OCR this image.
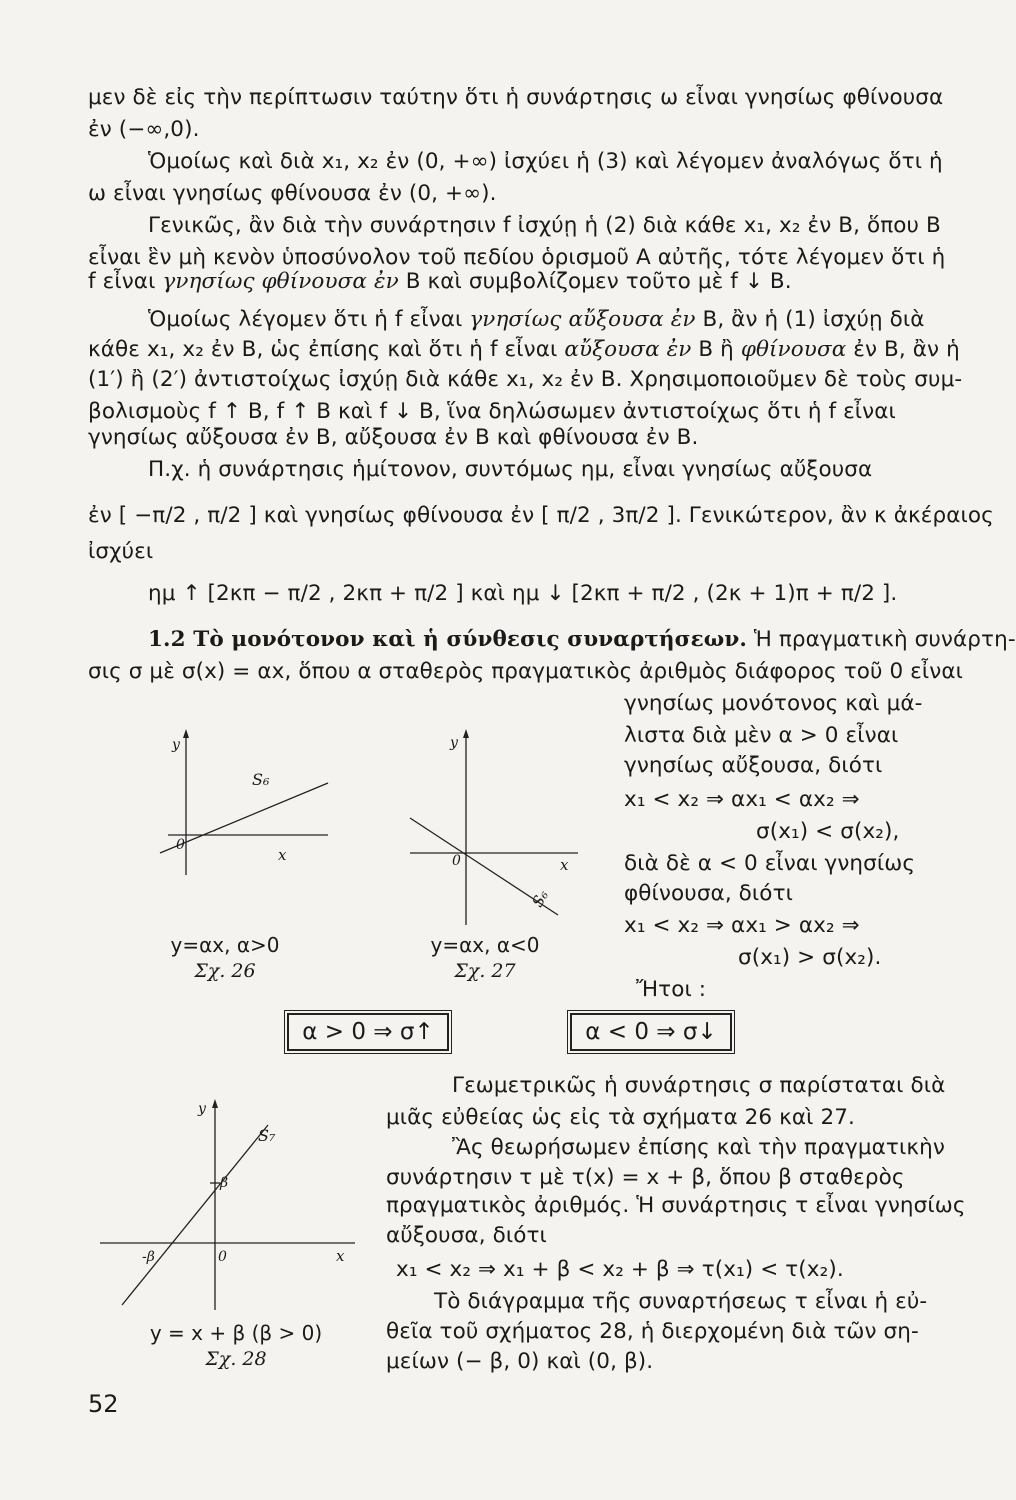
μεν δὲ εἰς τὴν περίπτωσιν ταύτην ὅτι ἡ συνάρτησις ω εἶναι γνησίως φθίνουσα
ἐν (−∞,0).
Ὁμοίως καὶ διὰ x₁, x₂ ἐν (0, +∞) ἰσχύει ἡ (3) καὶ λέγομεν ἀναλόγως ὅτι ἡ
ω εἶναι γνησίως φθίνουσα ἐν (0, +∞).
Γενικῶς, ἂν διὰ τὴν συνάρτησιν f ἰσχύῃ ἡ (2) διὰ κάθε x₁, x₂ ἐν B, ὅπου B
εἶναι ἓν μὴ κενὸν ὑποσύνολον τοῦ πεδίου ὁρισμοῦ A αὐτῆς, τότε λέγομεν ὅτι ἡ
f εἶναι γνησίως φθίνουσα ἐν B καὶ συμβολίζομεν τοῦτο μὲ f ↓ B.
Ὁμοίως λέγομεν ὅτι ἡ f εἶναι γνησίως αὔξουσα ἐν B, ἂν ἡ (1) ἰσχύῃ διὰ
κάθε x₁, x₂ ἐν B, ὡς ἐπίσης καὶ ὅτι ἡ f εἶναι αὔξουσα ἐν B ἢ φθίνουσα ἐν B, ἂν ἡ
(1′) ἢ (2′) ἀντιστοίχως ἰσχύῃ διὰ κάθε x₁, x₂ ἐν B. Χρησιμοποιοῦμεν δὲ τοὺς συμ-
βολισμοὺς f ↑ B, f ↑ B καὶ f ↓ B, ἵνα δηλώσωμεν ἀντιστοίχως ὅτι ἡ f εἶναι
γνησίως αὔξουσα ἐν B, αὔξουσα ἐν B καὶ φθίνουσα ἐν B.
Π.χ. ἡ συνάρτησις ἡμίτονον, συντόμως ημ, εἶναι γνησίως αὔξουσα
ἐν [ −π/2 , π/2 ] καὶ γνησίως φθίνουσα ἐν [ π/2 , 3π/2 ]. Γενικώτερον, ἂν κ ἀκέραιος
ἰσχύει
ημ ↑ [2κπ − π/2 , 2κπ + π/2 ] καὶ ημ ↓ [2κπ + π/2 , (2κ + 1)π + π/2 ].
1.2 Τὸ μονότονον καὶ ἡ σύνθεσις συναρτήσεων. Ἡ πραγματικὴ συνάρτη-
σις σ μὲ σ(x) = αx, ὅπου α σταθερὸς πραγματικὸς ἀριθμὸς διάφορος τοῦ 0 εἶναι
γνησίως μονότονος καὶ μά-
λιστα διὰ μὲν α > 0 εἶναι
γνησίως αὔξουσα, διότι
x₁ < x₂ ⇒ αx₁ < αx₂ ⇒
σ(x₁) < σ(x₂),
διὰ δὲ α < 0 εἶναι γνησίως
φθίνουσα, διότι
x₁ < x₂ ⇒ αx₁ > αx₂ ⇒
σ(x₁) > σ(x₂).
Ἤτοι :
Γεωμετρικῶς ἡ συνάρτησις σ παρίσταται διὰ
μιᾶς εὐθείας ὡς εἰς τὰ σχήματα 26 καὶ 27.
Ἂς θεωρήσωμεν ἐπίσης καὶ τὴν πραγματικὴν
συνάρτησιν τ μὲ τ(x) = x + β, ὅπου β σταθερὸς
πραγματικὸς ἀριθμός. Ἡ συνάρτησις τ εἶναι γνησίως
αὔξουσα, διότι
x₁ < x₂ ⇒ x₁ + β < x₂ + β ⇒ τ(x₁) < τ(x₂).
Τὸ διάγραμμα τῆς συναρτήσεως τ εἶναι ἡ εὐ-
θεῖα τοῦ σχήματος 28, ἡ διερχομένη διὰ τῶν ση-
μείων (− β, 0) καὶ (0, β).
y
x
0
S₆
y=αx, α>0
Σχ. 26
y
x
0
S₆
y=αx, α<0
Σχ. 27
α > 0 ⇒ σ↑	α < 0 ⇒ σ↓
y
x
0
β
-β
S₇
y = x + β (β > 0)
Σχ. 28
52
